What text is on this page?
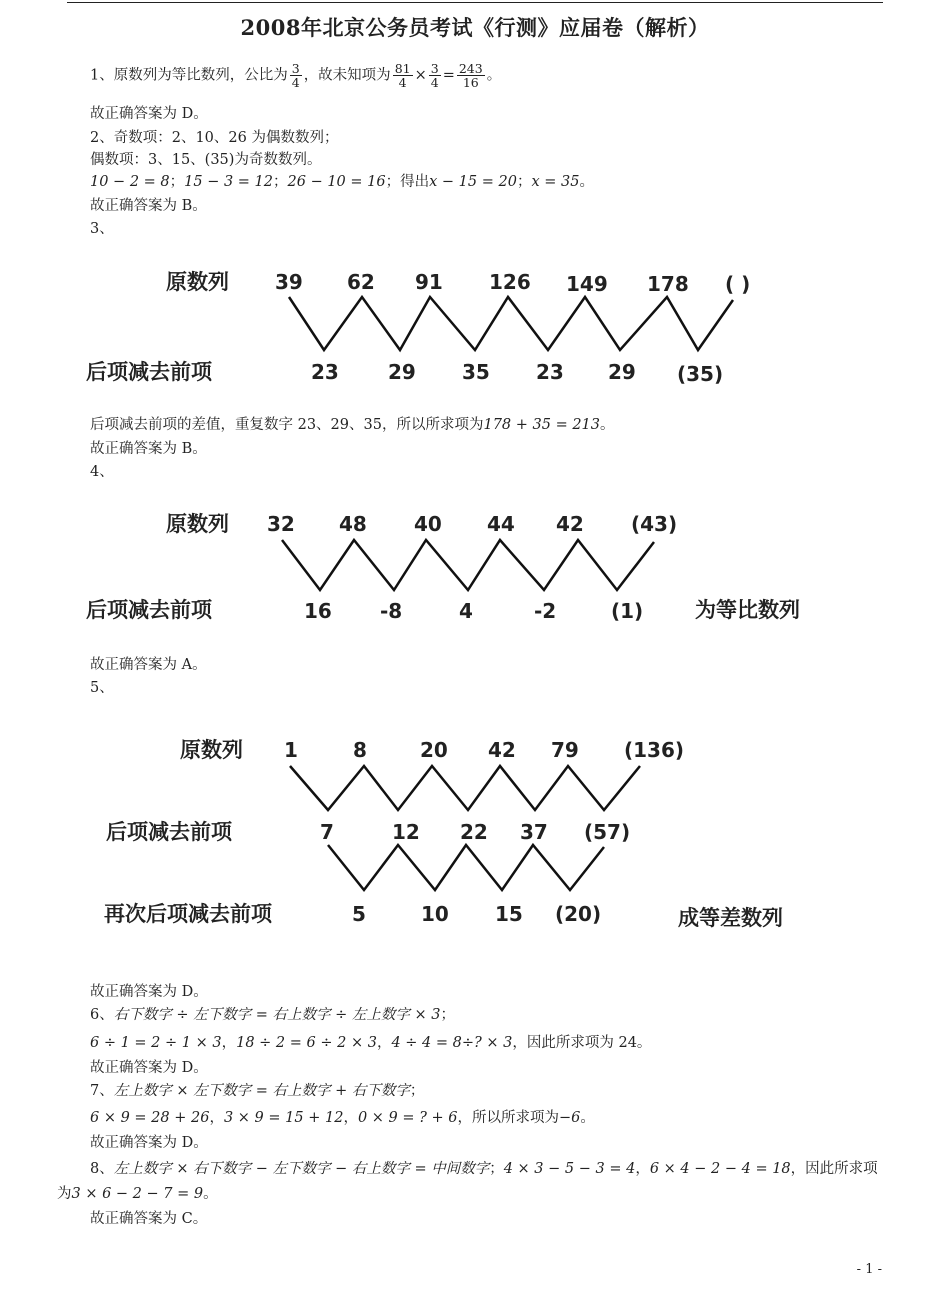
2008年北京公务员考试《行测》应届卷（解析）
1、原数列为等比数列，公比为 $\frac{3}{4}$ ，故未知项为 $\frac{81}{4} \times \frac{3}{4} = \frac{243}{16}$ 。
故正确答案为 D。
2、奇数项：2、10、26 为偶数数列；
偶数项：3、15、(35)为奇数数列。
10 − 2 = 8；15 − 3 = 12；26 − 10 = 16；得出x − 15 = 20；x = 35。
故正确答案为 B。
3、
原数列
后项减去前项
39 62 91 126 149 178 ( )
23 29 35 23 29 (35)
后项减去前项的差值，重复数字 23、29、35，所以所求项为178 + 35 = 213。
故正确答案为 B。
4、
原数列
后项减去前项	为等比数列
32 48 40 44 42 (43)
16 -8	4	-2	(1)
故正确答案为 A。
5、
原数列
后项减去前项
再次后项减去前项	成等差数列
1	8	20 42 79 (136)
7	12 22 37 (57)
5	10 15 (20)
故正确答案为 D。
6、右下数字 ÷ 左下数字 = 右上数字 ÷ 左上数字 × 3；
6 ÷ 1 = 2 ÷ 1 × 3，18 ÷ 2 = 6 ÷ 2 × 3，4 ÷ 4 = 8÷? × 3，因此所求项为 24。
故正确答案为 D。
7、左上数字 × 左下数字 = 右上数字 + 右下数字；
6 × 9 = 28 + 26，3 × 9 = 15 + 12，0 × 9 = ? + 6，所以所求项为−6。
故正确答案为 D。
8、左上数字 × 右下数字 − 左下数字 − 右上数字 = 中间数字；4 × 3 − 5 − 3 = 4，6 × 4 − 2 − 4 = 18，因此所求项
为3 × 6 − 2 − 7 = 9。
故正确答案为 C。
- 1 -
